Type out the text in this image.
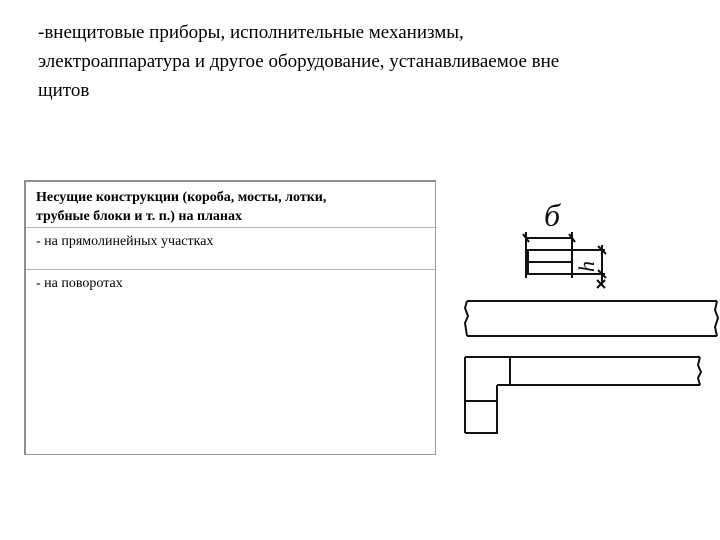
-внещитовые приборы, исполнительные механизмы,
электроаппаратура и другое оборудование, устанавливаемое вне
щитов
Несущие конструкции (короба, мосты, лотки,
трубные блоки и т. п.) на планах
- на прямолинейных участках
- на поворотах
б
h
